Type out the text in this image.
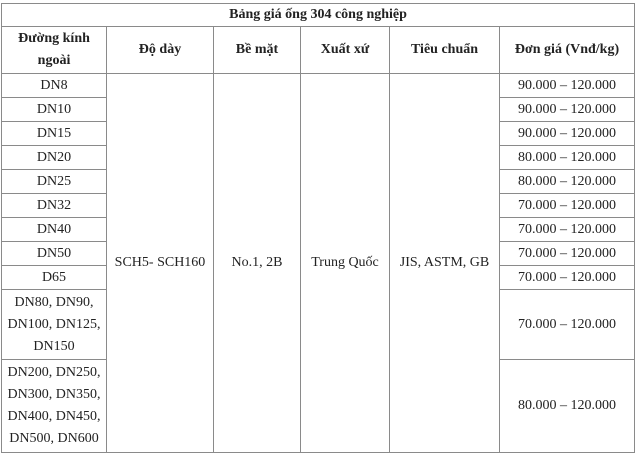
Bảng giá ống 304 công nghiệp					
Đường kính ngoài	Độ dày	Bề mặt	Xuất xứ	Tiêu chuẩn	Đơn giá (Vnđ/kg)
DN8	SCH5- SCH160	No.1, 2B	Trung Quốc	JIS, ASTM, GB	90.000 – 120.000
DN10					90.000 – 120.000
DN15					90.000 – 120.000
DN20					80.000 – 120.000
DN25					80.000 – 120.000
DN32					70.000 – 120.000
DN40					70.000 – 120.000
DN50					70.000 – 120.000
D65					70.000 – 120.000
DN80, DN90, DN100, DN125, DN150					70.000 – 120.000
DN200, DN250, DN300, DN350, DN400, DN450, DN500, DN600					80.000 – 120.000
